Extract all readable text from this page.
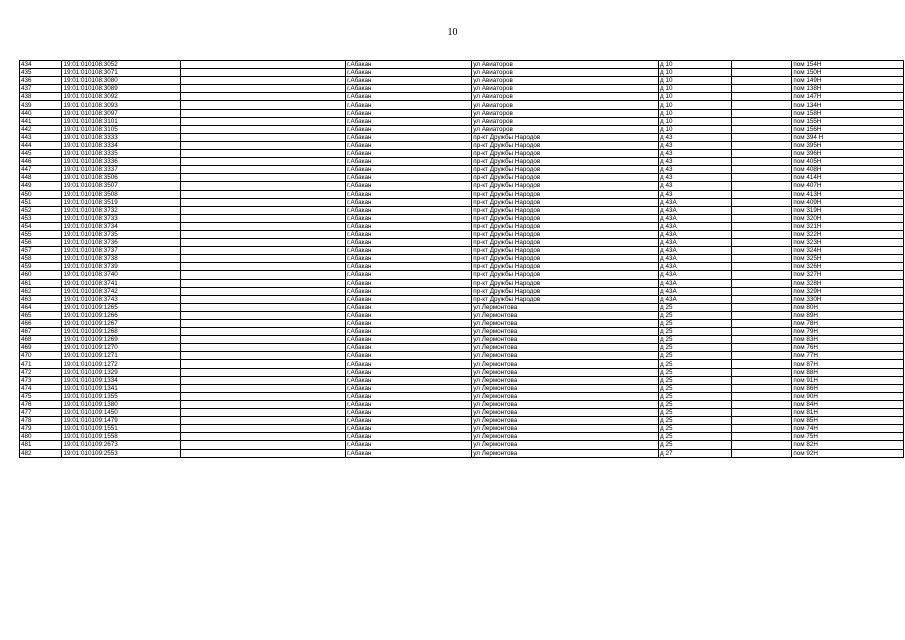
10
434	19:01:010108:3052		г.Абакан	ул Авиаторов	д 10		пом 154Н
435	19:01:010108:3071		г.Абакан	ул Авиаторов	д 10		пом 150Н
436	19:01:010108:3080		г.Абакан	ул Авиаторов	д 10		пом 149Н
437	19:01:010108:3089		г.Абакан	ул Авиаторов	д 10		пом 138Н
438	19:01:010108:3092		г.Абакан	ул Авиаторов	д 10		пом 147Н
439	19:01:010108:3093		г.Абакан	ул Авиаторов	д 10		пом 134Н
440	19:01:010108:3097		г.Абакан	ул Авиаторов	д 10		пом 158Н
441	19:01:010108:3101		г.Абакан	ул Авиаторов	д 10		пом 155Н
442	19:01:010108:3105		г.Абакан	ул Авиаторов	д 10		пом 156Н
443	19:01:010108:3333		г.Абакан	пр-кт Дружбы Народов	д 43		пом 394 Н
444	19:01:010108:3334		г.Абакан	пр-кт Дружбы Народов	д 43		пом 395Н
445	19:01:010108:3335		г.Абакан	пр-кт Дружбы Народов	д 43		пом 396Н
446	19:01:010108:3336		г.Абакан	пр-кт Дружбы Народов	д 43		пом 405Н
447	19:01:010108:3337		г.Абакан	пр-кт Дружбы Народов	д 43		пом 408Н
448	19:01:010108:3506		г.Абакан	пр-кт Дружбы Народов	д 43		пом 414Н
449	19:01:010108:3507		г.Абакан	пр-кт Дружбы Народов	д 43		пом 407Н
450	19:01:010108:3508		г.Абакан	пр-кт Дружбы Народов	д 43		пом 413Н
451	19:01:010108:3519		г.Абакан	пр-кт Дружбы Народов	д 43А		пом 409Н
452	19:01:010108:3732		г.Абакан	пр-кт Дружбы Народов	д 43А		пом 319Н
453	19:01:010108:3733		г.Абакан	пр-кт Дружбы Народов	д 43А		пом 320Н
454	19:01:010108:3734		г.Абакан	пр-кт Дружбы Народов	д 43А		пом 321Н
455	19:01:010108:3735		г.Абакан	пр-кт Дружбы Народов	д 43А		пом 322Н
456	19:01:010108:3736		г.Абакан	пр-кт Дружбы Народов	д 43А		пом 323Н
457	19:01:010108:3737		г.Абакан	пр-кт Дружбы Народов	д 43А		пом 324Н
458	19:01:010108:3738		г.Абакан	пр-кт Дружбы Народов	д 43А		пом 325Н
459	19:01:010108:3739		г.Абакан	пр-кт Дружбы Народов	д 43А		пом 326Н
460	19:01:010108:3740		г.Абакан	пр-кт Дружбы Народов	д 43А		пом 327Н
461	19:01:010108:3741		г.Абакан	пр-кт Дружбы Народов	д 43А		пом 328Н
462	19:01:010108:3742		г.Абакан	пр-кт Дружбы Народов	д 43А		пом 329Н
463	19:01:010108:3743		г.Абакан	пр-кт Дружбы Народов	д 43А		пом 330Н
464	19:01:010109:1265		г.Абакан	ул Лермонтова	д 25		пом 80Н
465	19:01:010109:1266		г.Абакан	ул Лермонтова	д 25		пом 89Н
466	19:01:010109:1267		г.Абакан	ул Лермонтова	д 25		пом 78Н
467	19:01:010109:1268		г.Абакан	ул Лермонтова	д 25		пом 79Н
468	19:01:010109:1269		г.Абакан	ул Лермонтова	д 25		пом 83Н
469	19:01:010109:1270		г.Абакан	ул Лермонтова	д 25		пом 76Н
470	19:01:010109:1271		г.Абакан	ул Лермонтова	д 25		пом 77Н
471	19:01:010109:1272		г.Абакан	ул Лермонтова	д 25		пом 87Н
472	19:01:010109:1329		г.Абакан	ул Лермонтова	д 25		пом 88Н
473	19:01:010109:1334		г.Абакан	ул Лермонтова	д 25		пом 91Н
474	19:01:010109:1341		г.Абакан	ул Лермонтова	д 25		пом 86Н
475	19:01:010109:1355		г.Абакан	ул Лермонтова	д 25		пом 90Н
476	19:01:010109:1380		г.Абакан	ул Лермонтова	д 25		пом 84Н
477	19:01:010109:1450		г.Абакан	ул Лермонтова	д 25		пом 81Н
478	19:01:010109:1479		г.Абакан	ул Лермонтова	д 25		пом 85Н
479	19:01:010109:1551		г.Абакан	ул Лермонтова	д 25		пом 74Н
480	19:01:010109:1558		г.Абакан	ул Лермонтова	д 25		пом 75Н
481	19:01:010109:2673		г.Абакан	ул Лермонтова	д 25		пом 82Н
482	19:01:010109:2553		г.Абакан	ул Лермонтова	д 27		пом 92Н
